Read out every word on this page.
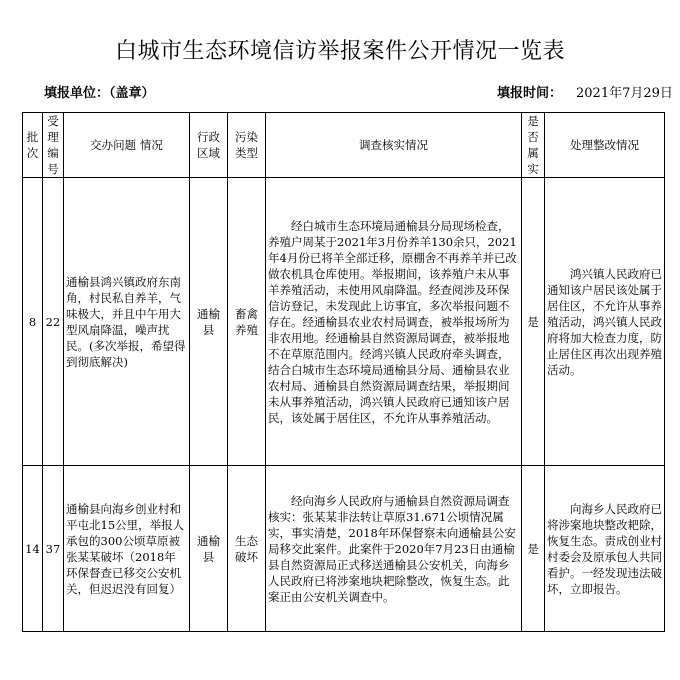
白城市生态环境信访举报案件公开情况一览表
填报单位：（盖章）	填报时间： 2021年7月29日
批次	受理编号	交办问题 情况	行政区域	污染类型	调查核实情况	是否属实	处理整改情况
8	22	通榆县鸿兴镇政府东南角，村民私自养羊，气味极大，并且中午用大型风扇降温，噪声扰民。(多次举报，希望得到彻底解决)	通榆县	畜禽养殖	经白城市生态环境局通榆县分局现场检查，养殖户周某于2021年3月份养羊130余只，2021年4月份已将羊全部迁移，原棚舍不再养羊并已改做农机具仓库使用。举报期间，该养殖户未从事羊养殖活动，未使用风扇降温。经查阅涉及环保信访登记，未发现此上访事宜，多次举报问题不存在。经通榆县农业农村局调查，被举报场所为非农用地。经通榆县自然资源局调查，被举报地不在草原范围内。经鸿兴镇人民政府牵头调查，结合白城市生态环境局通榆县分局、通榆县农业农村局、通榆县自然资源局调查结果，举报期间未从事养殖活动，鸿兴镇人民政府已通知该户居民，该处属于居住区，不允许从事养殖活动。	是	鸿兴镇人民政府已通知该户居民该处属于居住区，不允许从事养殖活动，鸿兴镇人民政府将加大检查力度，防止居住区再次出现养殖活动。

14	37	通榆县向海乡创业村和平屯北15公里，举报人承包的300公顷草原被张某某破坏（2018年环保督查已移交公安机关，但迟迟没有回复）	通榆县	生态破坏	经向海乡人民政府与通榆县自然资源局调查核实：张某某非法转让草原31.671公顷情况属实，事实清楚，2018年环保督察未向通榆县公安局移交此案件。此案件于2020年7月23日由通榆县自然资源局正式移送通榆县公安机关，向海乡人民政府已将涉案地块耙除整改，恢复生态。此案正由公安机关调查中。	是	向海乡人民政府已将涉案地块整改耙除，恢复生态。责成创业村村委会及原承包人共同看护。一经发现违法破坏，立即报告。
